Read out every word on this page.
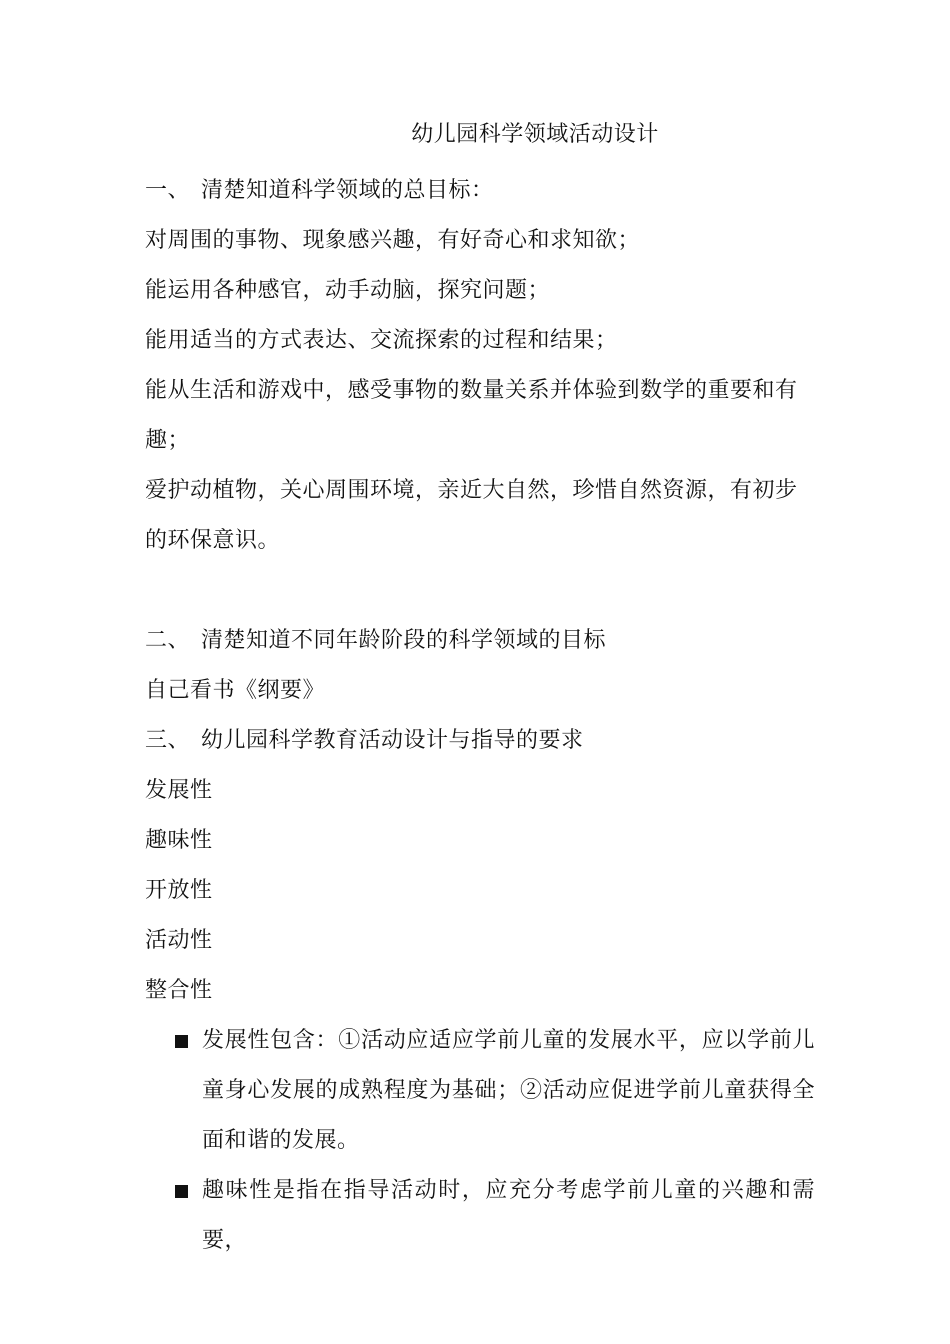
幼儿园科学领域活动设计
一、 清楚知道科学领域的总目标：
对周围的事物、现象感兴趣，有好奇心和求知欲；
能运用各种感官，动手动脑，探究问题；
能用适当的方式表达、交流探索的过程和结果；
能从生活和游戏中，感受事物的数量关系并体验到数学的重要和有趣；
爱护动植物，关心周围环境，亲近大自然，珍惜自然资源，有初步的环保意识。
二、 清楚知道不同年龄阶段的科学领域的目标
自己看书《纲要》
三、 幼儿园科学教育活动设计与指导的要求
发展性
趣味性
开放性
活动性
整合性
发展性包含：①活动应适应学前儿童的发展水平，应以学前儿童身心发展的成熟程度为基础；②活动应促进学前儿童获得全面和谐的发展。
趣味性是指在指导活动时，应充分考虑学前儿童的兴趣和需要，
